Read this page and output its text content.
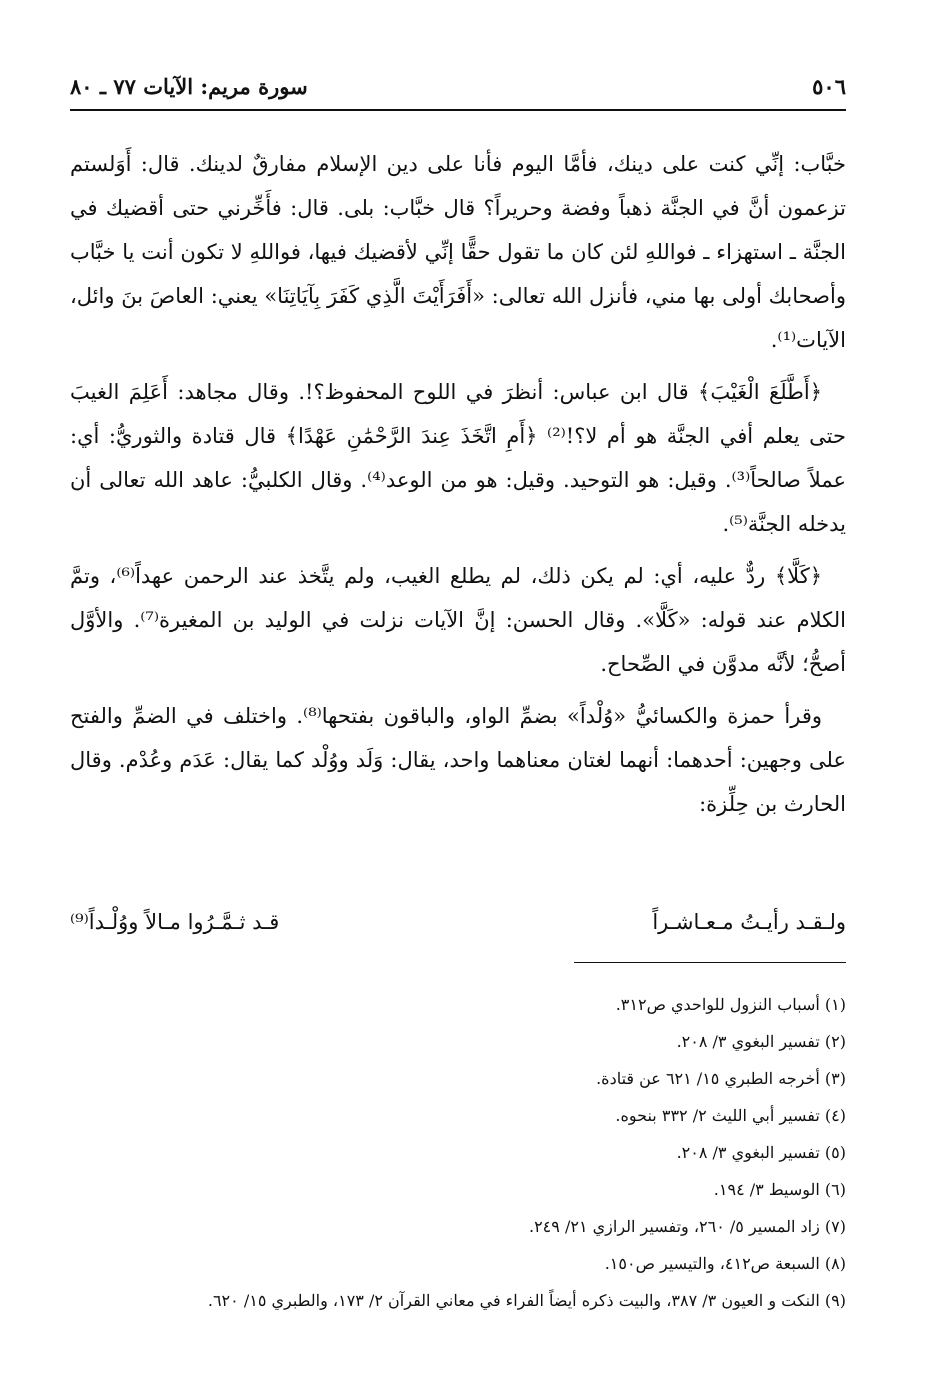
٥٠٦
سورة مريم: الآيات ٧٧ ـ ٨٠

خبَّاب: إنِّي كنت على دينك، فأمَّا اليوم فأنا على دين الإسلام مفارقٌ لدينك. قال: أَوَلستم تزعمون أنَّ في الجنَّة ذهباً وفضة وحريراً؟ قال خبَّاب: بلى. قال: فأَخِّرني حتى أقضيك في الجنَّة ـ استهزاء ـ فواللهِ لئن كان ما تقول حقًّا إنِّي لأقضيك فيها، فواللهِ لا تكون أنت يا خبَّاب وأصحابك أولى بها مني، فأنزل الله تعالى: «أَفَرَأَيْتَ الَّذِي كَفَرَ بِآيَاتِنَا» يعني: العاصَ بنَ وائل، الآيات⁽¹⁾.

﴿أَطَّلَعَ الْغَيْبَ﴾ قال ابن عباس: أنظرَ في اللوح المحفوظ؟!. وقال مجاهد: أَعَلِمَ الغيبَ حتى يعلم أفي الجنَّة هو أم لا؟!⁽²⁾ ﴿أَمِ اتَّخَذَ عِندَ الرَّحْمَٰنِ عَهْدًا﴾ قال قتادة والثوريُّ: أي: عملاً صالحاً⁽³⁾. وقيل: هو التوحيد. وقيل: هو من الوعد⁽⁴⁾. وقال الكلبيُّ: عاهد الله تعالى أن يدخله الجنَّة⁽⁵⁾.

﴿كَلَّا﴾ ردٌّ عليه، أي: لم يكن ذلك، لم يطلع الغيب، ولم يتَّخذ عند الرحمن عهداً⁽⁶⁾، وتمَّ الكلام عند قوله: «كَلَّا». وقال الحسن: إنَّ الآيات نزلت في الوليد بن المغيرة⁽⁷⁾. والأوَّل أصحُّ؛ لأنَّه مدوَّن في الصِّحاح.

وقرأ حمزة والكسائيُّ «وُلْداً» بضمِّ الواو، والباقون بفتحها⁽⁸⁾. واختلف في الضمِّ والفتح على وجهين: أحدهما: أنهما لغتان معناهما واحد، يقال: وَلَد ووُلْد كما يقال: عَدَم وعُدْم. وقال الحارث بن حِلِّزة:

ولـقـد رأيـتُ مـعـاشـراً
قـد ثـمَّـرُوا مـالاً ووُلْـداً⁽⁹⁾
(١) أسباب النزول للواحدي ص٣١٢.
(٢) تفسير البغوي ٣/ ٢٠٨.
(٣) أخرجه الطبري ١٥/ ٦٢١ عن قتادة.
(٤) تفسير أبي الليث ٢/ ٣٣٢ بنحوه.
(٥) تفسير البغوي ٣/ ٢٠٨.
(٦) الوسيط ٣/ ١٩٤.
(٧) زاد المسير ٥/ ٢٦٠، وتفسير الرازي ٢١/ ٢٤٩.
(٨) السبعة ص٤١٢، والتيسير ص١٥٠.
(٩) النكت و العيون ٣/ ٣٨٧، والبيت ذكره أيضاً الفراء في معاني القرآن ٢/ ١٧٣، والطبري ١٥/ ٦٢٠.
